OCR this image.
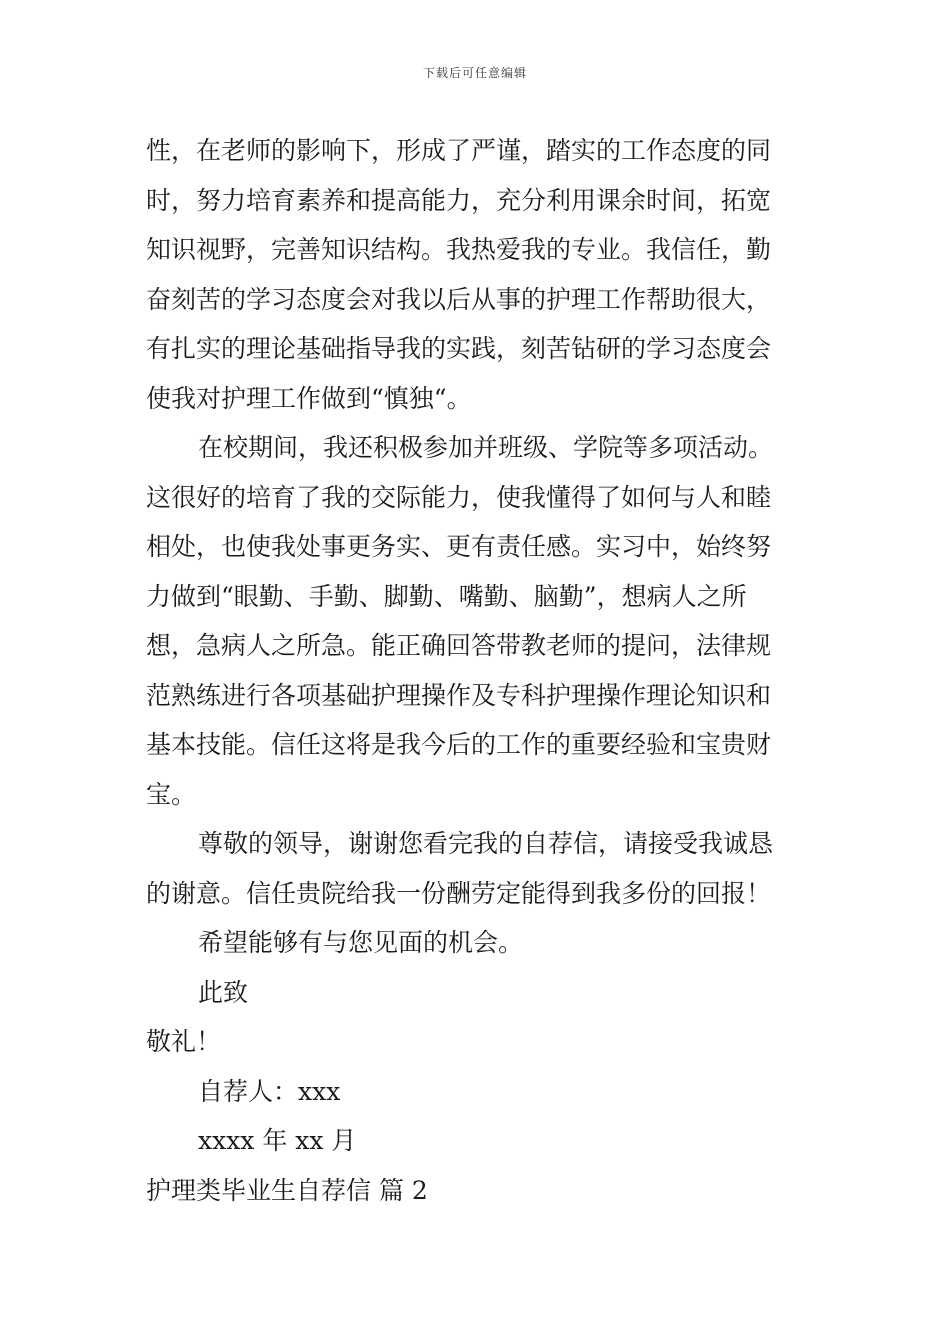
下载后可任意编辑
性，在老师的影响下，形成了严谨，踏实的工作态度的同
时，努力培育素养和提高能力，充分利用课余时间，拓宽
知识视野，完善知识结构。我热爱我的专业。我信任，勤
奋刻苦的学习态度会对我以后从事的护理工作帮助很大，
有扎实的理论基础指导我的实践，刻苦钻研的学习态度会
使我对护理工作做到“慎独“。
在校期间，我还积极参加并班级、学院等多项活动。
这很好的培育了我的交际能力，使我懂得了如何与人和睦
相处，也使我处事更务实、更有责任感。实习中，始终努
力做到“眼勤、手勤、脚勤、嘴勤、脑勤”，想病人之所
想，急病人之所急。能正确回答带教老师的提问，法律规
范熟练进行各项基础护理操作及专科护理操作理论知识和
基本技能。信任这将是我今后的工作的重要经验和宝贵财
宝。
尊敬的领导，谢谢您看完我的自荐信，请接受我诚恳
的谢意。信任贵院给我一份酬劳定能得到我多份的回报！
希望能够有与您见面的机会。
此致
敬礼！
自荐人：xxx
xxxx 年 xx 月
护理类毕业生自荐信 篇 2
